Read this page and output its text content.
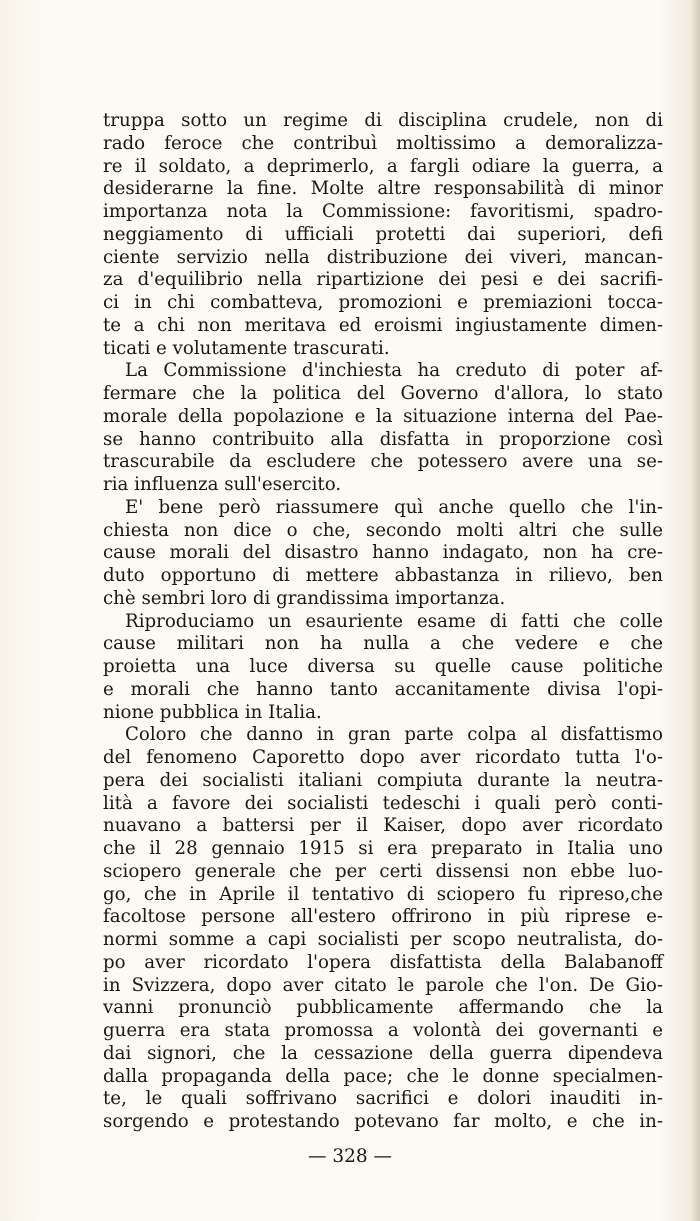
truppa sotto un regime di disciplina crudele, non di
rado feroce che contribuì moltissimo a demoralizza-
re il soldato, a deprimerlo, a fargli odiare la guerra, a
desiderarne la fine. Molte altre responsabilità di minor
importanza nota la Commissione: favoritismi, spadro-
neggiamento di ufficiali protetti dai superiori, defi
ciente servizio nella distribuzione dei viveri, mancan-
za d'equilibrio nella ripartizione dei pesi e dei sacrifi-
ci in chi combatteva, promozioni e premiazioni tocca-
te a chi non meritava ed eroismi ingiustamente dimen-
ticati e volutamente trascurati.
La Commissione d'inchiesta ha creduto di poter af-
fermare che la politica del Governo d'allora, lo stato
morale della popolazione e la situazione interna del Pae-
se hanno contribuito alla disfatta in proporzione così
trascurabile da escludere che potessero avere una se-
ria influenza sull'esercito.
E' bene però riassumere quì anche quello che l'in-
chiesta non dice o che, secondo molti altri che sulle
cause morali del disastro hanno indagato, non ha cre-
duto opportuno di mettere abbastanza in rilievo, ben
chè sembri loro di grandissima importanza.
Riproduciamo un esauriente esame di fatti che colle
cause militari non ha nulla a che vedere e che
proietta una luce diversa su quelle cause politiche
e morali che hanno tanto accanitamente divisa l'opi-
nione pubblica in Italia.
Coloro che danno in gran parte colpa al disfattismo
del fenomeno Caporetto dopo aver ricordato tutta l'o-
pera dei socialisti italiani compiuta durante la neutra-
lità a favore dei socialisti tedeschi i quali però conti-
nuavano a battersi per il Kaiser, dopo aver ricordato
che il 28 gennaio 1915 si era preparato in Italia uno
sciopero generale che per certi dissensi non ebbe luo-
go, che in Aprile il tentativo di sciopero fu ripreso,che
facoltose persone all'estero offrirono in più riprese e-
normi somme a capi socialisti per scopo neutralista, do-
po aver ricordato l'opera disfattista della Balabanoff
in Svizzera, dopo aver citato le parole che l'on. De Gio-
vanni pronunciò pubblicamente affermando che la
guerra era stata promossa a volontà dei governanti e
dai signori, che la cessazione della guerra dipendeva
dalla propaganda della pace; che le donne specialmen-
te, le quali soffrivano sacrifici e dolori inauditi in-
sorgendo e protestando potevano far molto, e che in-
— 328 —
